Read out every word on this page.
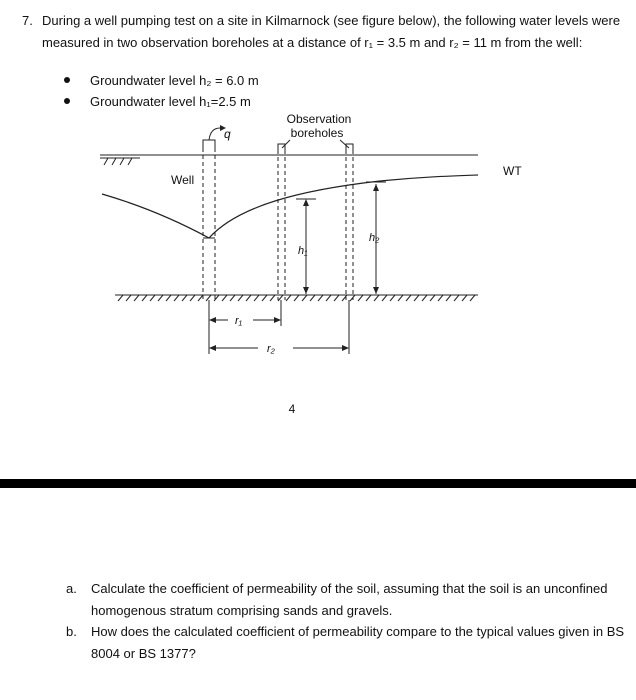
7. During a well pumping test on a site in Kilmarnock (see figure below), the following water levels were measured in two observation boreholes at a distance of r₁ = 3.5 m and r₂ = 11 m from the well:
Groundwater level h₂ = 6.0 m
Groundwater level h₁=2.5 m
Observation
boreholes
q
Well
WT
h₁
h₂
r₁
r₂
4
a. Calculate the coefficient of permeability of the soil, assuming that the soil is an unconfined homogenous stratum comprising sands and gravels.
b. How does the calculated coefficient of permeability compare to the typical values given in BS 8004 or BS 1377?
